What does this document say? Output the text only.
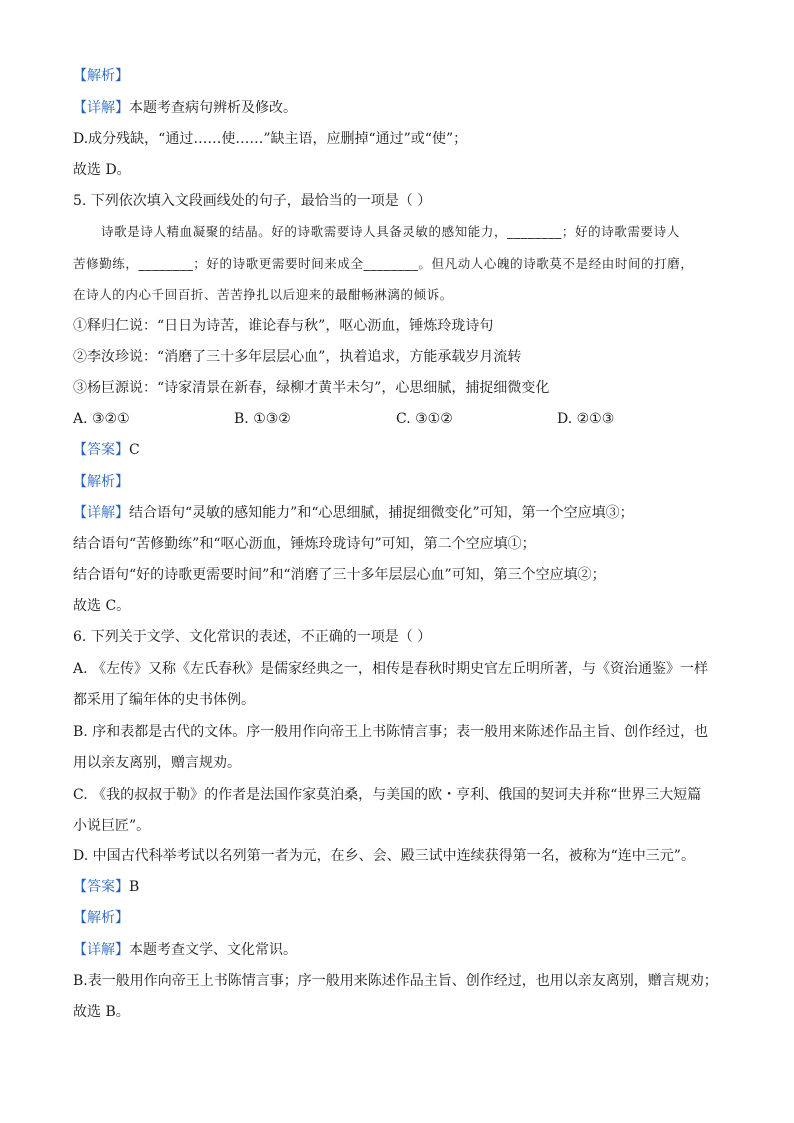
【解析】
【详解】本题考查病句辨析及修改。
D.成分残缺，“通过……使……”缺主语，应删掉“通过”或“使”；
故选 D。
5. 下列依次填入文段画线处的句子，最恰当的一项是（ ）
诗歌是诗人精血凝聚的结晶。好的诗歌需要诗人具备灵敏的感知能力，________；好的诗歌需要诗人
苦修勤练，________；好的诗歌更需要时间来成全________。但凡动人心魄的诗歌莫不是经由时间的打磨，
在诗人的内心千回百折、苦苦挣扎以后迎来的最酣畅淋漓的倾诉。
①释归仁说：“日日为诗苦，谁论春与秋”，呕心沥血，锤炼玲珑诗句
②李汝珍说：“消磨了三十多年层层心血”，执着追求，方能承载岁月流转
③杨巨源说：“诗家清景在新春，绿柳才黄半未匀”，心思细腻，捕捉细微变化
A. ③②①	B. ①③②	C. ③①②	D. ②①③
【答案】C
【解析】
【详解】结合语句“灵敏的感知能力”和“心思细腻，捕捉细微变化”可知，第一个空应填③；
结合语句“苦修勤练”和“呕心沥血，锤炼玲珑诗句”可知，第二个空应填①；
结合语句“好的诗歌更需要时间”和“消磨了三十多年层层心血”可知，第三个空应填②；
故选 C。
6. 下列关于文学、文化常识的表述，不正确的一项是（ ）
A. 《左传》又称《左氏春秋》是儒家经典之一，相传是春秋时期史官左丘明所著，与《资治通鉴》一样
都采用了编年体的史书体例。
B. 序和表都是古代的文体。序一般用作向帝王上书陈情言事；表一般用来陈述作品主旨、创作经过，也
用以亲友离别，赠言规劝。
C. 《我的叔叔于勒》的作者是法国作家莫泊桑，与美国的欧・亨利、俄国的契诃夫并称“世界三大短篇
小说巨匠”。
D. 中国古代科举考试以名列第一者为元，在乡、会、殿三试中连续获得第一名，被称为“连中三元”。
【答案】B
【解析】
【详解】本题考查文学、文化常识。
B.表一般用作向帝王上书陈情言事；序一般用来陈述作品主旨、创作经过，也用以亲友离别，赠言规劝；
故选 B。
